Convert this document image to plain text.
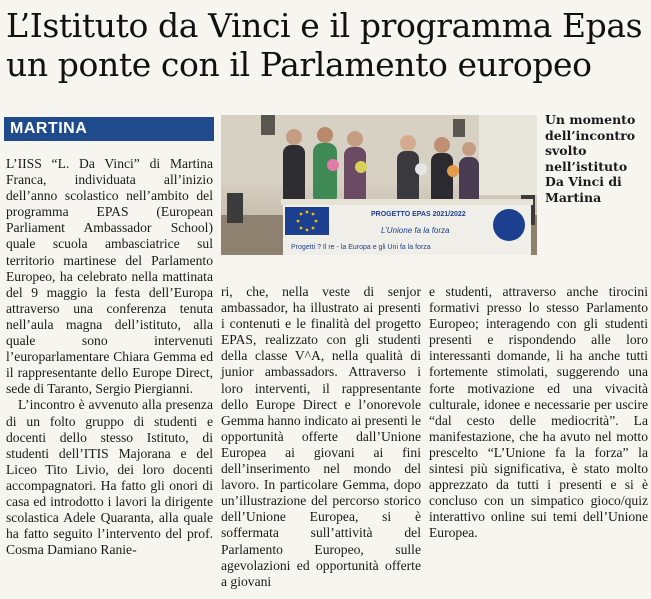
L’Istituto da Vinci e il programma Epas
un ponte con il Parlamento europeo
MARTINA
PROGETTO EPAS 2021/2022
L’Unione fa la forza
Progetti ? Il re - la Europa e gli Uni fa la forza
Un momento dell’incontro svolto nell’istituto Da Vinci di Martina

L’IISS “L. Da Vinci” di Martina Franca, individuata all’inizio dell’anno scolastico nell’ambito del programma EPAS (European Parliament Ambassador School) quale scuola ambasciatrice sul territorio martinese del Parlamento Europeo, ha celebrato nella mattinata del 9 maggio la festa dell’Europa attraverso una conferenza tenuta nell’aula magna dell’istituto, alla quale sono intervenuti l’europarlamentare Chiara Gemma ed il rappresentante dello Europe Direct, sede di Taranto, Sergio Piergianni.

L’incontro è avvenuto alla presenza di un folto gruppo di studenti e docenti dello stesso Istituto, di studenti dell’ITIS Majorana e del Liceo Tito Livio, dei loro docenti accompagnatori. Ha fatto gli onori di casa ed introdotto i lavori la dirigente scolastica Adele Quaranta, alla quale ha fatto seguito l’intervento del prof. Cosma Damiano Ranie-

ri, che, nella veste di senjor ambassador, ha illustrato ai presenti i contenuti e le finalità del progetto EPAS, realizzato con gli studenti della classe V^A, nella qualità di junior ambassadors. Attraverso i loro interventi, il rappresentante dello Europe Direct e l’onorevole Gemma hanno indicato ai presenti le opportunità offerte dall’Unione Europea ai giovani ai fini dell’inserimento nel mondo del lavoro. In particolare Gemma, dopo un’illustrazione del percorso storico dell’Unione Europea, si è soffermata sull’attività del Parlamento Europeo, sulle agevolazioni ed opportunità offerte a giovani

e studenti, attraverso anche tirocini formativi presso lo stesso Parlamento Europeo; interagendo con gli studenti presenti e rispondendo alle loro interessanti domande, li ha anche tutti fortemente stimolati, suggerendo una forte motivazione ed una vivacità culturale, idonee e necessarie per uscire “dal cesto delle mediocrità”. La manifestazione, che ha avuto nel motto prescelto “L’Unione fa la forza” la sintesi più significativa, è stato molto apprezzato da tutti i presenti e si è concluso con un simpatico gioco/quiz interattivo online sui temi dell’Unione Europea.
